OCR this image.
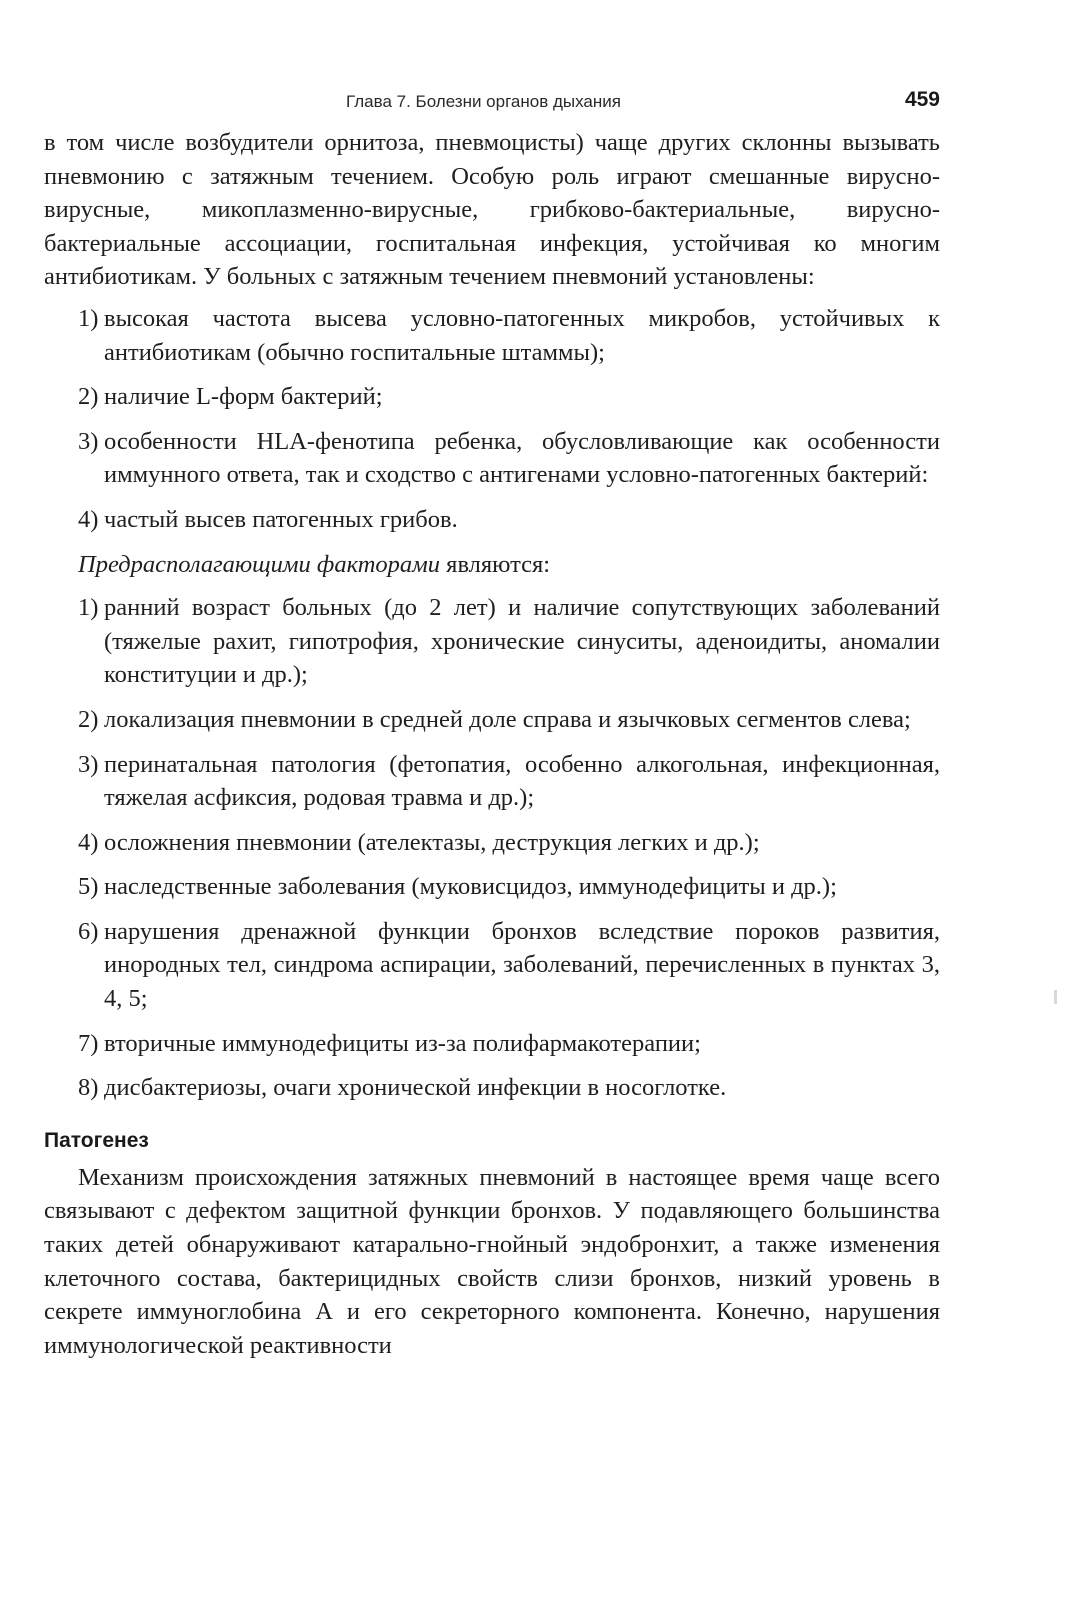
Глава 7. Болезни органов дыхания	459

в том числе возбудители орнитоза, пневмоцисты) чаще других склонны вызывать пневмонию с затяжным течением. Особую роль играют смешанные вирусно-вирусные, микоплазменно-вирусные, грибково-бактериальные, вирусно-бактериальные ассоциации, госпитальная инфекция, устойчивая ко многим антибиотикам. У больных с затяжным течением пневмоний установлены:

1) высокая частота высева условно-патогенных микробов, устойчивых к антибиотикам (обычно госпитальные штаммы);
2) наличие L-форм бактерий;
3) особенности HLA-фенотипа ребенка, обусловливающие как особенности иммунного ответа, так и сходство с антигенами условно-патогенных бактерий:
4) частый высев патогенных грибов.

Предрасполагающими факторами являются:

1) ранний возраст больных (до 2 лет) и наличие сопутствующих заболеваний (тяжелые рахит, гипотрофия, хронические синуситы, аденоидиты, аномалии конституции и др.);
2) локализация пневмонии в средней доле справа и язычковых сегментов слева;
3) перинатальная патология (фетопатия, особенно алкогольная, инфекционная, тяжелая асфиксия, родовая травма и др.);
4) осложнения пневмонии (ателектазы, деструкция легких и др.);
5) наследственные заболевания (муковисцидоз, иммунодефициты и др.);
6) нарушения дренажной функции бронхов вследствие пороков развития, инородных тел, синдрома аспирации, заболеваний, перечисленных в пунктах 3, 4, 5;
7) вторичные иммунодефициты из-за полифармакотерапии;
8) дисбактериозы, очаги хронической инфекции в носоглотке.
Патогенез

Механизм происхождения затяжных пневмоний в настоящее время чаще всего связывают с дефектом защитной функции бронхов. У подавляющего большинства таких детей обнаруживают катарально-гнойный эндобронхит, а также изменения клеточного состава, бактерицидных свойств слизи бронхов, низкий уровень в секрете иммуноглобина А и его секреторного компонента. Конечно, нарушения иммунологической реактивности
